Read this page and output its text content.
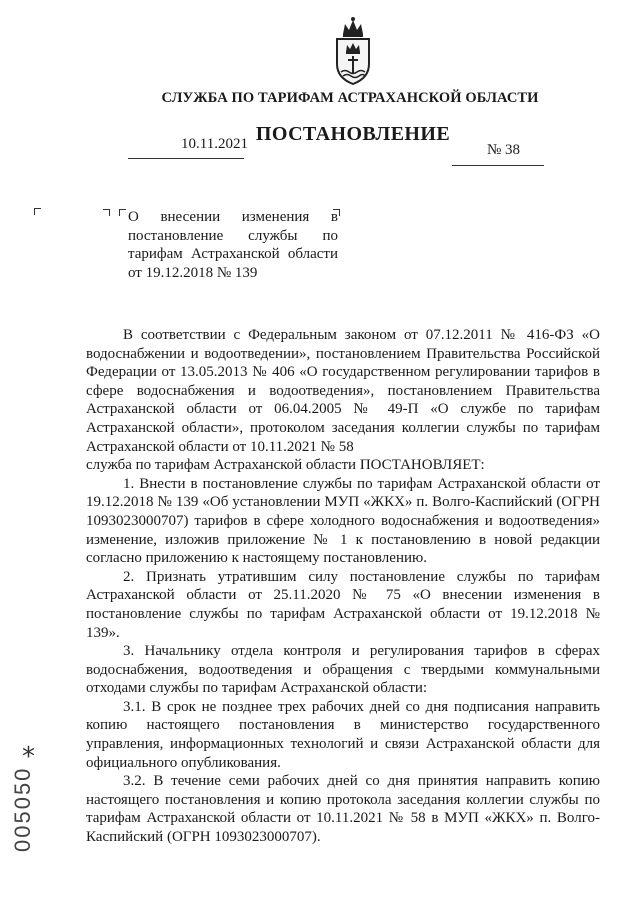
СЛУЖБА ПО ТАРИФАМ АСТРАХАНСКОЙ ОБЛАСТИ
ПОСТАНОВЛЕНИЕ
10.11.2021	№ 38
О внесении изменения в постановление службы по тарифам Астраханской области от 19.12.2018 № 139

В соответствии с Федеральным законом от 07.12.2011 № 416-ФЗ «О водоснабжении и водоотведении», постановлением Правительства Российской Федерации от 13.05.2013 № 406 «О государственном регулировании тарифов в сфере водоснабжения и водоотведения», постановлением Правительства Астраханской области от 06.04.2005 № 49-П «О службе по тарифам Астраханской области», протоколом заседания коллегии службы по тарифам Астраханской области от 10.11.2021 № 58

служба по тарифам Астраханской области ПОСТАНОВЛЯЕТ:

1. Внести в постановление службы по тарифам Астраханской области от 19.12.2018 № 139 «Об установлении МУП «ЖКХ» п. Волго-Каспийский (ОГРН 1093023000707) тарифов в сфере холодного водоснабжения и водоотведения» изменение, изложив приложение № 1 к постановлению в новой редакции согласно приложению к настоящему постановлению.

2. Признать утратившим силу постановление службы по тарифам Астраханской области от 25.11.2020 № 75 «О внесении изменения в постановление службы по тарифам Астраханской области от 19.12.2018 № 139».

3. Начальнику отдела контроля и регулирования тарифов в сферах водоснабжения, водоотведения и обращения с твердыми коммунальными отходами службы по тарифам Астраханской области:

3.1. В срок не позднее трех рабочих дней со дня подписания направить копию настоящего постановления в министерство государственного управления, информационных технологий и связи Астраханской области для официального опубликования.

3.2. В течение семи рабочих дней со дня принятия направить копию настоящего постановления и копию протокола заседания коллегии службы по тарифам Астраханской области от 10.11.2021 № 58 в МУП «ЖКХ» п. Волго-Каспийский (ОГРН 1093023000707).

*
005050
